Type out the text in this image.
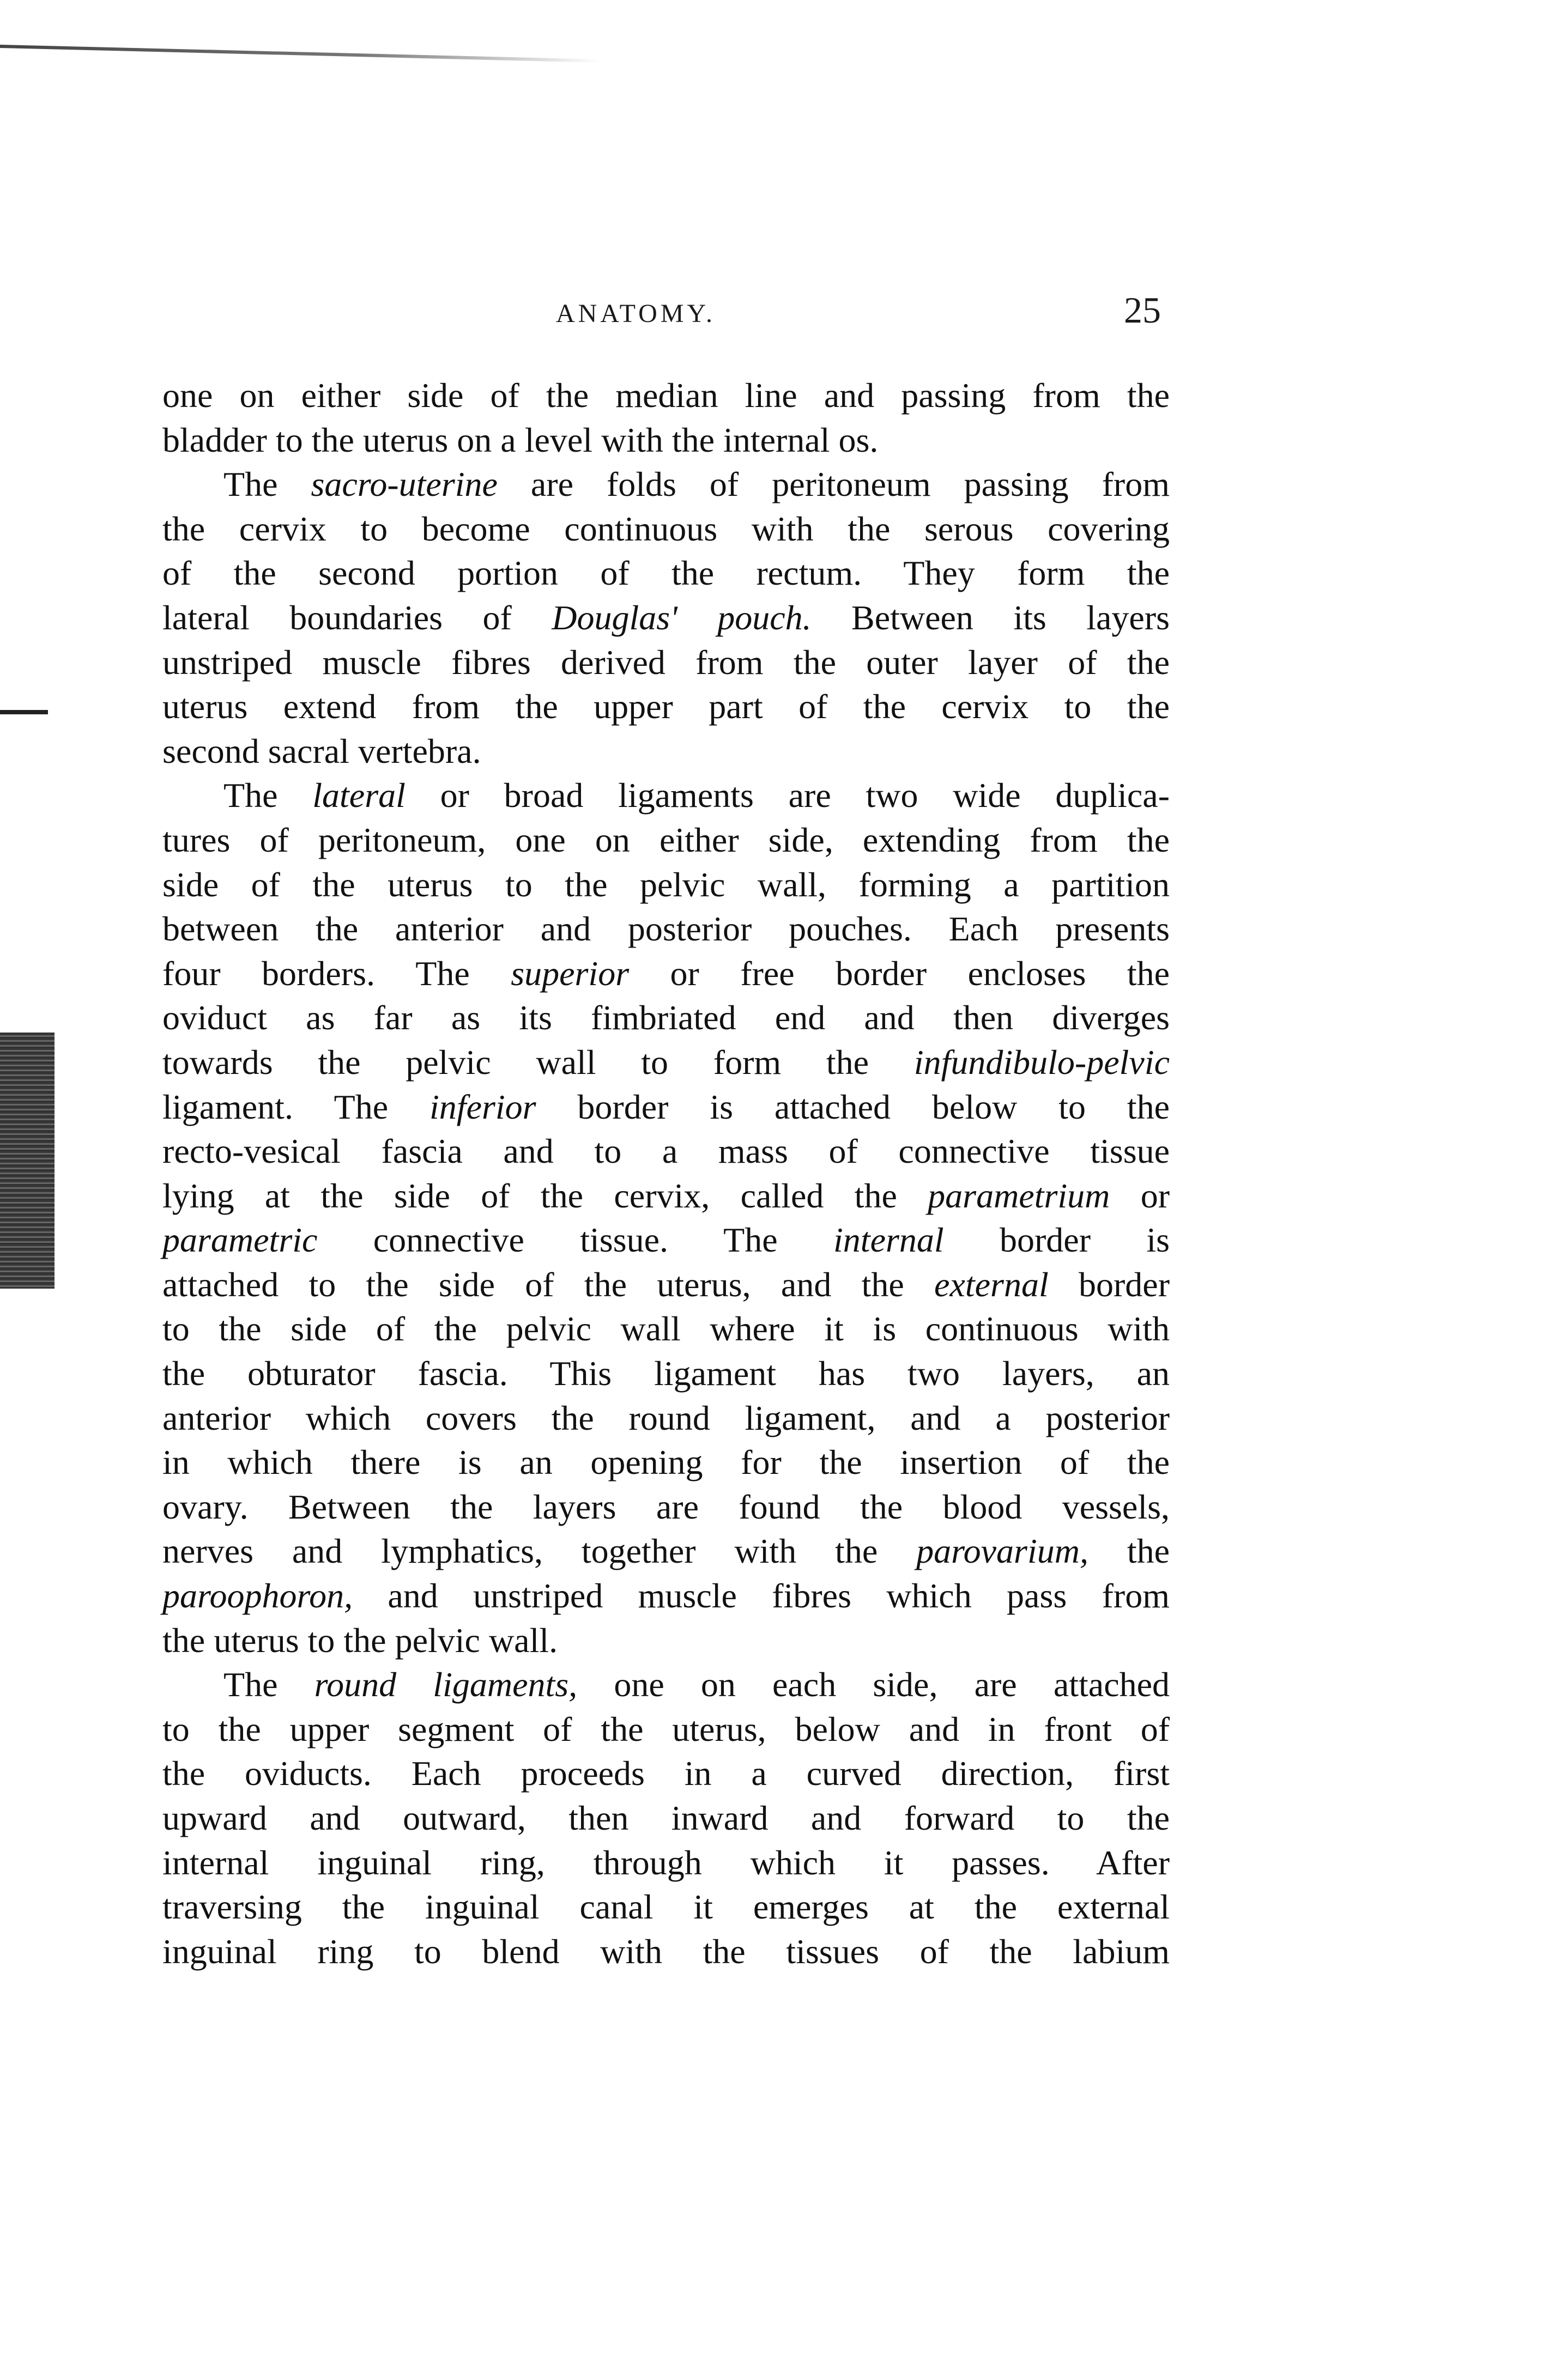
ANATOMY.	25
one on either side of the median line and passing from the
bladder to the uterus on a level with the internal os.
The sacro-uterine are folds of peritoneum passing from
the cervix to become continuous with the serous covering
of the second portion of the rectum. They form the
lateral boundaries of Douglas' pouch. Between its layers
unstriped muscle fibres derived from the outer layer of the
uterus extend from the upper part of the cervix to the
second sacral vertebra.
The lateral or broad ligaments are two wide duplica-
tures of peritoneum, one on either side, extending from the
side of the uterus to the pelvic wall, forming a partition
between the anterior and posterior pouches. Each presents
four borders. The superior or free border encloses the
oviduct as far as its fimbriated end and then diverges
towards the pelvic wall to form the infundibulo-pelvic
ligament. The inferior border is attached below to the
recto-vesical fascia and to a mass of connective tissue
lying at the side of the cervix, called the parametrium or
parametric connective tissue. The internal border is
attached to the side of the uterus, and the external border
to the side of the pelvic wall where it is continuous with
the obturator fascia. This ligament has two layers, an
anterior which covers the round ligament, and a posterior
in which there is an opening for the insertion of the
ovary. Between the layers are found the blood vessels,
nerves and lymphatics, together with the parovarium, the
paroophoron, and unstriped muscle fibres which pass from
the uterus to the pelvic wall.
The round ligaments, one on each side, are attached
to the upper segment of the uterus, below and in front of
the oviducts. Each proceeds in a curved direction, first
upward and outward, then inward and forward to the
internal inguinal ring, through which it passes. After
traversing the inguinal canal it emerges at the external
inguinal ring to blend with the tissues of the labium
